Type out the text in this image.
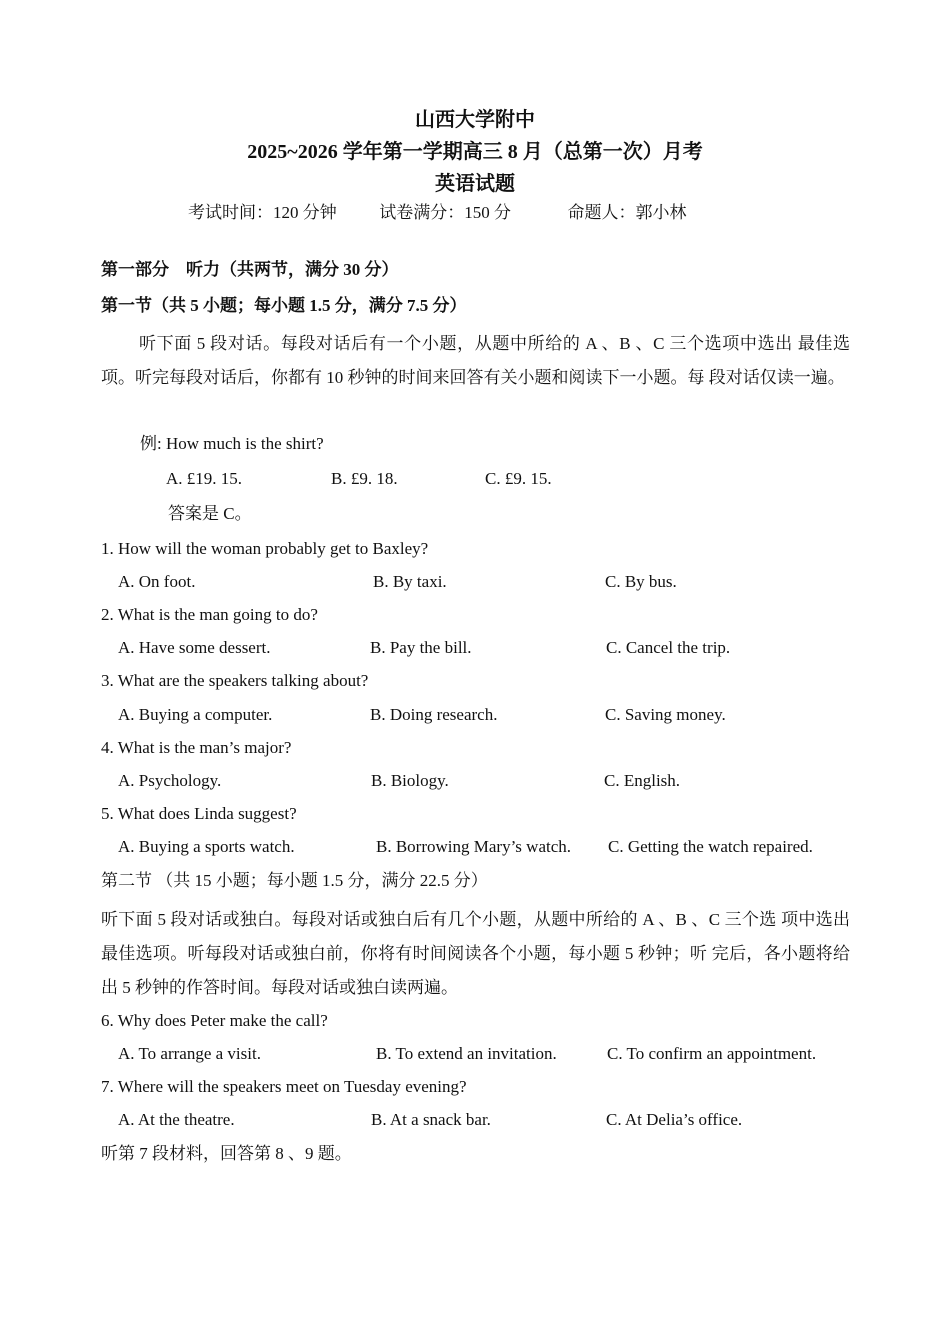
山西大学附中
2025~2026 学年第一学期高三 8 月（总第一次）月考
英语试题
考试时间：120 分钟	试卷满分：150 分	命题人：郭小林
第一部分　听力（共两节，满分 30 分）
第一节（共 5 小题；每小题 1.5 分，满分 7.5 分）
听下面 5 段对话。每段对话后有一个小题，从题中所给的 A 、B 、C 三个选项中选出 最佳选项。听完每段对话后，你都有 10 秒钟的时间来回答有关小题和阅读下一小题。每 段对话仅读一遍。
例: How much is the shirt?
A. £19. 15.	B. £9. 18.	C. £9. 15.
答案是 C。
1. How will the woman probably get to Baxley?
A. On foot.	B. By taxi.	C. By bus.
2. What is the man going to do?
A. Have some dessert.	B. Pay the bill.	C. Cancel the trip.
3. What are the speakers talking about?
A. Buying a computer.	B. Doing research.	C. Saving money.
4. What is the man’s major?
A. Psychology.	B. Biology.	C. English.
5. What does Linda suggest?
A. Buying a sports watch.	B. Borrowing Mary’s watch. C. Getting the watch repaired.
第二节 （共 15 小题；每小题 1.5 分，满分 22.5 分）
听下面 5 段对话或独白。每段对话或独白后有几个小题，从题中所给的 A 、B 、C 三个选 项中选出最佳选项。听每段对话或独白前，你将有时间阅读各个小题，每小题 5 秒钟；听 完后，各小题将给出 5 秒钟的作答时间。每段对话或独白读两遍。
6. Why does Peter make the call?
A. To arrange a visit.	B. To extend an invitation.	C. To confirm an appointment.
7. Where will the speakers meet on Tuesday evening?
A. At the theatre.	B. At a snack bar.	C. At Delia’s office.
听第 7 段材料，回答第 8 、9 题。
